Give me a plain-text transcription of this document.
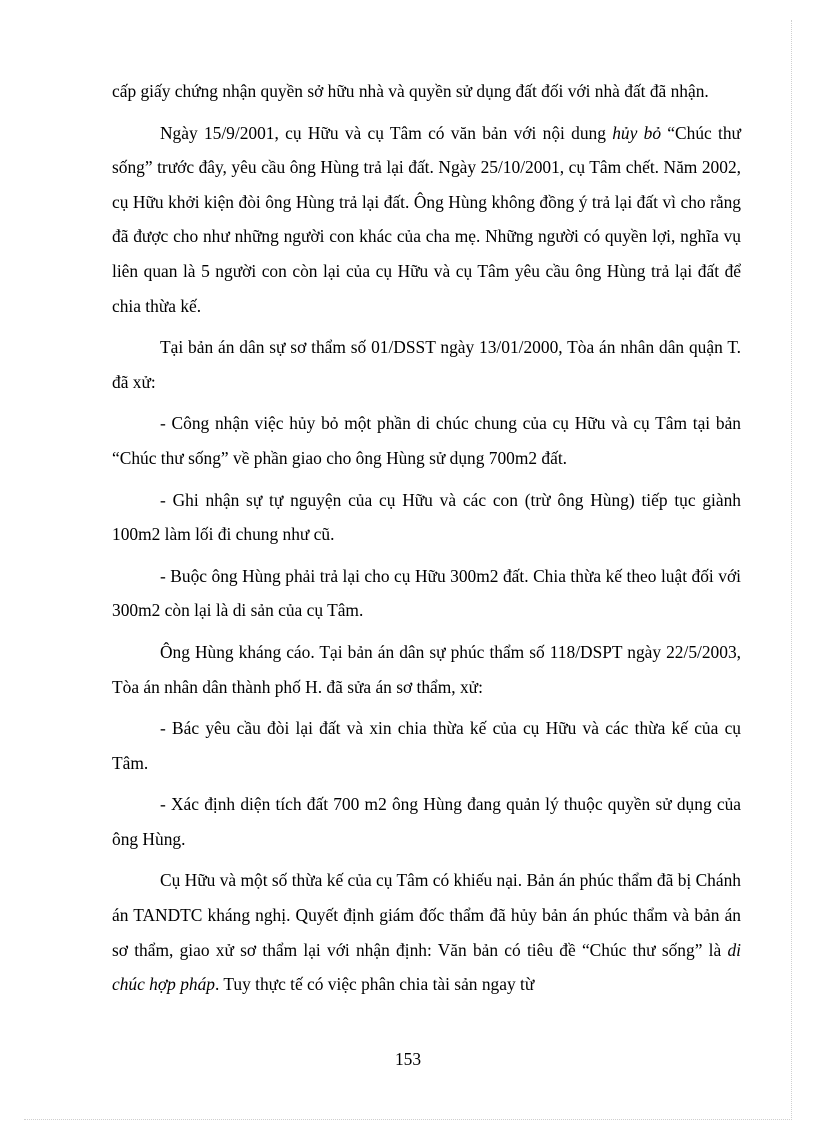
cấp giấy chứng nhận quyền sở hữu nhà và quyền sử dụng đất đối với nhà đất đã nhận.

Ngày 15/9/2001, cụ Hữu và cụ Tâm có văn bản với nội dung hủy bỏ “Chúc thư sống” trước đây, yêu cầu ông Hùng trả lại đất. Ngày 25/10/2001, cụ Tâm chết. Năm 2002, cụ Hữu khởi kiện đòi ông Hùng trả lại đất. Ông Hùng không đồng ý trả lại đất vì cho rằng đã được cho như những người con khác của cha mẹ. Những người có quyền lợi, nghĩa vụ liên quan là 5 người con còn lại của cụ Hữu và cụ Tâm yêu cầu ông Hùng trả lại đất để chia thừa kế.

Tại bản án dân sự sơ thẩm số 01/DSST ngày 13/01/2000, Tòa án nhân dân quận T. đã xử:

- Công nhận việc hủy bỏ một phần di chúc chung của cụ Hữu và cụ Tâm tại bản “Chúc thư sống” về phần giao cho ông Hùng sử dụng 700m2 đất.

- Ghi nhận sự tự nguyện của cụ Hữu và các con (trừ ông Hùng) tiếp tục giành 100m2 làm lối đi chung như cũ.

- Buộc ông Hùng phải trả lại cho cụ Hữu 300m2 đất. Chia thừa kế theo luật đối với 300m2 còn lại là di sản của cụ Tâm.

Ông Hùng kháng cáo. Tại bản án dân sự phúc thẩm số 118/DSPT ngày 22/5/2003, Tòa án nhân dân thành phố H. đã sửa án sơ thẩm, xử:

- Bác yêu cầu đòi lại đất và xin chia thừa kế của cụ Hữu và các thừa kế của cụ Tâm.

- Xác định diện tích đất 700 m2 ông Hùng đang quản lý thuộc quyền sử dụng của ông Hùng.

Cụ Hữu và một số thừa kế của cụ Tâm có khiếu nại. Bản án phúc thẩm đã bị Chánh án TANDTC kháng nghị. Quyết định giám đốc thẩm đã hủy bản án phúc thẩm và bản án sơ thẩm, giao xử sơ thẩm lại với nhận định: Văn bản có tiêu đề “Chúc thư sống” là di chúc hợp pháp. Tuy thực tế có việc phân chia tài sản ngay từ

153
